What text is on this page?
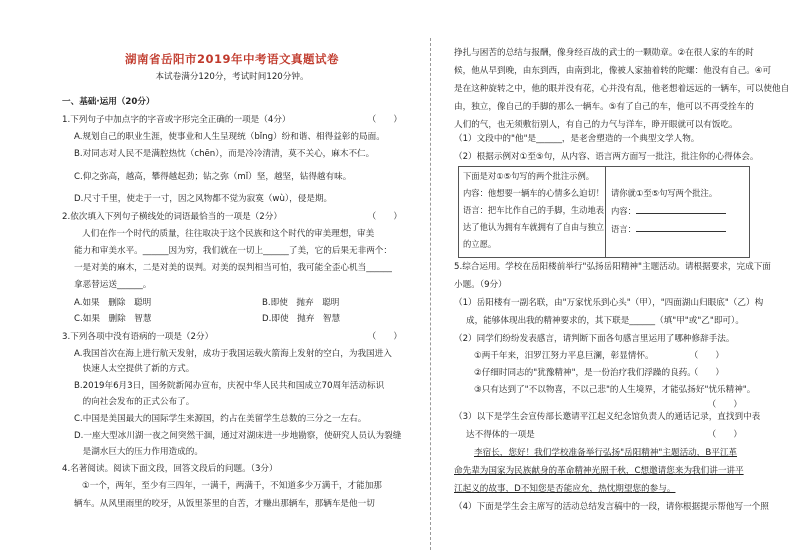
湖南省岳阳市2019年中考语文真题试卷
本试卷满分120分，考试时间120分钟。
一、基础·运用（20分）
1.下列句子中加点字的字音或字形完全正确的一项是（4分）	（　　）
A.规划自己的职业生涯，使事业和人生呈现统（bǐng）纷和谐、相得益彰的局面。
B.对同志对人民不是满腔热忱（chēn），而是冷冷清清，莫不关心，麻木不仁。
C.仰之弥高，越高，攀得越起劲；钻之弥（mǐ）坚，越坚，钻得越有味。
D.尺寸千里，使走于一寸，因之风物都不觉为寂寞（wù），侵是期。
2.依次填入下列句子横线处的词语最恰当的一项是（2分）	（　　）
人们在作一个时代的质量，往往取决于这个民族和这个时代的审美理想，审美
能力和审美水平。______因为穷，我们就在一切上______了美，它的后果无非两个：
一是对美的麻木，二是对美的误判。对美的误判相当可怕，我可能全歪心机当______
拿恶替运送______。
A.如果　删除　聪明	B.即使　抛弃　聪明
C.如果　删除　智慧	D.即使　抛弃　智慧
3.下列各项中没有语病的一项是（2分）	（　　）
A.我国首次在海上进行航天发射，成功于我国运载火箭海上发射的空白，为我国进入
　快速人太空提供了新的方式。
B.2019年6月3日，国务院新闻办宣布，庆祝中华人民共和国成立70周年活动标识
　的向社会发布的正式公布了。
C.中国是美国最大的国际学生来源国，约占在美留学生总数的三分之一左右。
D.一座大型冰川湖一夜之间突然干涸，通过对湖床进一步地勘察，使研究人员认为裂缝
　是湖水巨大的压力作用造成的。
4.名著阅读。阅读下面文段，回答文段后的问题。（3分）
①一个，两年，至少有三四年，一满千，两满千，不知道多少万满千，才能加那
辆车。从风里雨里的咬牙，从饭里茶里的自苦，才赚出那辆车，那辆车是他一切
挣扎与困苦的总结与报酬，像身经百战的武士的一颗勋章。②在很人家的车的时
候，他从早到晚，由东到西，由南到北，像被人家抽着转的陀螺：他没有自己。④可
是在这种旋转之中，他的眼并没有花，心并没有乱，他老想着远远的一辆车，可以使他自
由，独立，像自己的手脚的那么一辆车。⑤有了自己的车，他可以不再受拴车的
人们的气，也无须敷衍别人，有自己的力气与洋车，睁开眼就可以有饭吃。
（1）文段中的"他"是______，是老舍塑造的一个典型文学人物。
（2）根据示例对①至⑤句，从内容、语言两方面写一批注，批注你的心得体会。
下面是对①⑤句写的两个批注示例。
内容：他想要一辆车的心情多么迫切！
语言：把车比作自己的手脚，生动地表
达了他认为拥有车就拥有了自由与独立
的立愿。
请你就①至⑤句写两个批注。
内容：
语言：
5.综合运用。学校在岳阳楼前举行"弘扬岳阳精神"主题活动。请根据要求，完成下面
小题。（9分）
（1）岳阳楼有一副名联，由"万家忧乐到心头"（甲），"四面湖山归眼底"（乙）构
成，能够体现出我的精神要求的，其下联是______（填"甲"或"乙"即可）。
（2）同学们纷纷发表感言，请判断下面各句感言里运用了哪种修辞手法。
①两千年来，汨罗江努力平息巨澜，彰显情怀。	（　　）
②仔细时同志的"犹豫精神"，是一份治疗我们浮躁的良药。
（　　）
③只有达到了"不以物喜，不以己悲"的人生境界，才能弘扬好"忧乐精神"。
（　　）
（3）以下是学生会宣传部长邀请平江起义纪念馆负责人的通话记录，直找到中表
达不得体的一项是	（　　）
李宿长，您好！我们学校准备举行弘扬"岳阳精神"主题活动，B平江革
命先辈为国家为民族献身的革命精神光照千秋，C想邀请您来为我们讲一讲平
江起义的故事，D不知您是否能应允，热忱期望您的参与。
（4）下面是学生会主席写的活动总结发言稿中的一段，请你根据提示帮他写一个照
